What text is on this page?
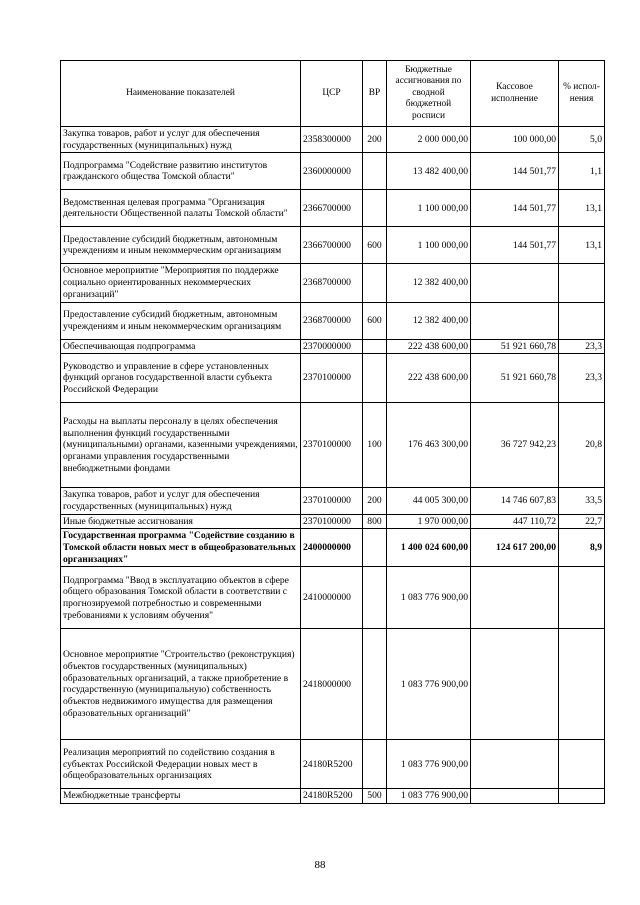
Наименование показателей	ЦСР	ВР	Бюджетные ассигнования по сводной бюджетной росписи	Кассовое исполнение	% испол-нения
Закупка товаров, работ и услуг для обеспечения государственных (муниципальных) нужд	2358300000	200	2 000 000,00	100 000,00	5,0
Подпрограмма "Содействие развитию институтов гражданского общества Томской области"	2360000000		13 482 400,00	144 501,77	1,1
Ведомственная целевая программа "Организация деятельности Общественной палаты Томской области"	2366700000		1 100 000,00	144 501,77	13,1
Предоставление субсидий бюджетным, автономным учреждениям и иным некоммерческим организациям	2366700000	600	1 100 000,00	144 501,77	13,1
Основное мероприятие "Мероприятия по поддержке социально ориентированных некоммерческих организаций"	2368700000		12 382 400,00		
Предоставление субсидий бюджетным, автономным учреждениям и иным некоммерческим организациям	2368700000	600	12 382 400,00		
Обеспечивающая подпрограмма	2370000000		222 438 600,00	51 921 660,78	23,3
Руководство и управление в сфере установленных функций органов государственной власти субъекта Российской Федерации	2370100000		222 438 600,00	51 921 660,78	23,3
Расходы на выплаты персоналу в целях обеспечения выполнения функций государственными (муниципальными) органами, казенными учреждениями, органами управления государственными внебюджетными фондами	2370100000	100	176 463 300,00	36 727 942,23	20,8
Закупка товаров, работ и услуг для обеспечения государственных (муниципальных) нужд	2370100000	200	44 005 300,00	14 746 607,83	33,5
Иные бюджетные ассигнования	2370100000	800	1 970 000,00	447 110,72	22,7
Государственная программа "Содействие созданию в Томской области новых мест в общеобразовательных организациях"	2400000000		1 400 024 600,00	124 617 200,00	8,9
Подпрограмма "Ввод в эксплуатацию объектов в сфере общего образования Томской области в соответствии с прогнозируемой потребностью и современными требованиями к условиям обучения"	2410000000		1 083 776 900,00		
Основное мероприятие "Строительство (реконструкция) объектов государственных (муниципальных) образовательных организаций, а также приобретение в государственную (муниципальную) собственность объектов недвижимого имущества для размещения образовательных организаций"	2418000000		1 083 776 900,00		
Реализация мероприятий по содействию создания в субъектах Российской Федерации новых мест в общеобразовательных организациях	24180R5200		1 083 776 900,00		
Межбюджетные трансферты	24180R5200	500	1 083 776 900,00		
88
